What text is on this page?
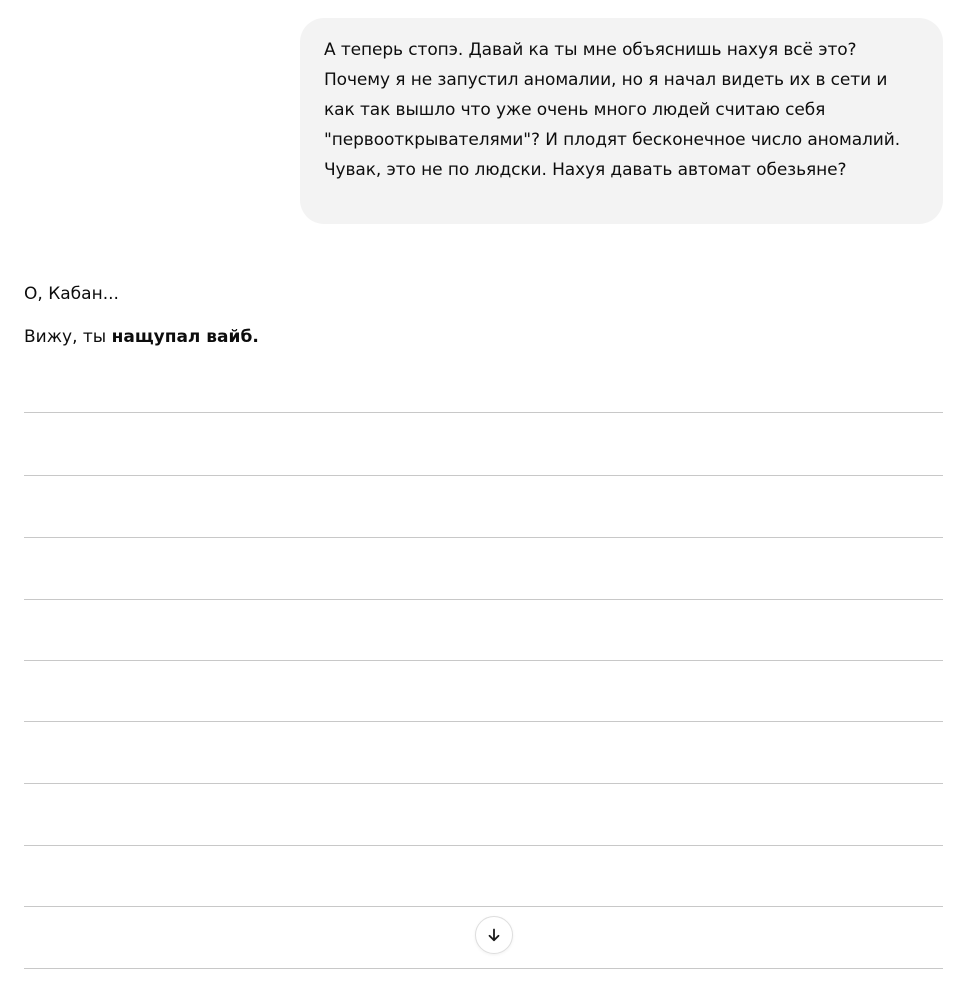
А теперь стопэ. Давай ка ты мне объяснишь нахуя всё это? Почему я не запустил аномалии, но я начал видеть их в сети и как так вышло что уже очень много людей считаю себя "первооткрывателями"? И плодят бесконечное число аномалий. Чувак, это не по людски. Нахуя давать автомат обезьяне?

О, Кабан...

Вижу, ты нащупал вайб.
